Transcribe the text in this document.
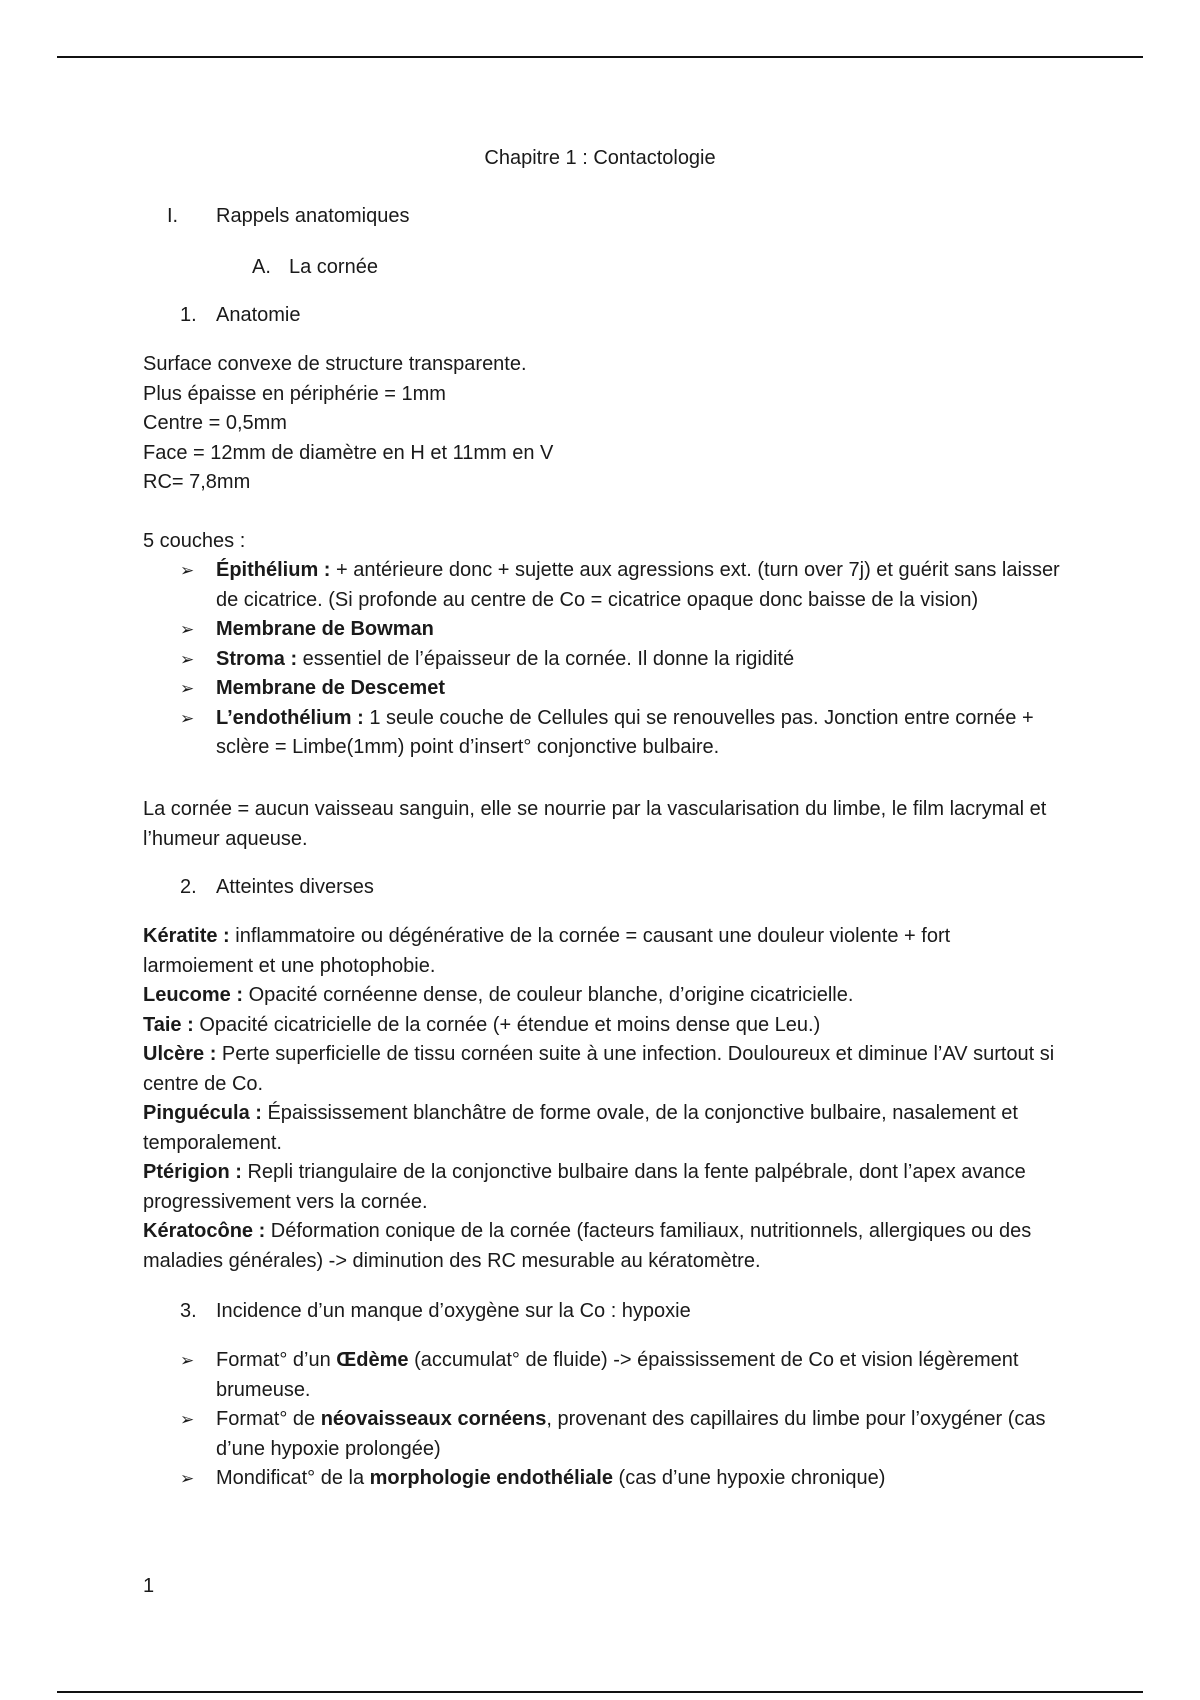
Chapitre 1 : Contactologie
I. Rappels anatomiques
A. La cornée
1. Anatomie

Surface convexe de structure transparente.

Plus épaisse en périphérie = 1mm

Centre = 0,5mm

Face = 12mm de diamètre en H et 11mm en V

RC= 7,8mm

5 couches :
➢ Épithélium : + antérieure donc + sujette aux agressions ext. (turn over 7j) et guérit sans laisser de cicatrice. (Si profonde au centre de Co = cicatrice opaque donc baisse de la vision)
➢ Membrane de Bowman
➢ Stroma : essentiel de l’épaisseur de la cornée. Il donne la rigidité
➢ Membrane de Descemet
➢ L’endothélium : 1 seule couche de Cellules qui se renouvelles pas. Jonction entre cornée + sclère = Limbe(1mm) point d’insert° conjonctive bulbaire.
La cornée = aucun vaisseau sanguin, elle se nourrie par la vascularisation du limbe, le film lacrymal et l’humeur aqueuse.
2. Atteintes diverses

Kératite : inflammatoire ou dégénérative de la cornée = causant une douleur violente + fort larmoiement et une photophobie.

Leucome : Opacité cornéenne dense, de couleur blanche, d’origine cicatricielle.

Taie : Opacité cicatricielle de la cornée (+ étendue et moins dense que Leu.)

Ulcère : Perte superficielle de tissu cornéen suite à une infection. Douloureux et diminue l’AV surtout si centre de Co.

Pinguécula : Épaississement blanchâtre de forme ovale, de la conjonctive bulbaire, nasalement et temporalement.

Ptérigion : Repli triangulaire de la conjonctive bulbaire dans la fente palpébrale, dont l’apex avance progressivement vers la cornée.

Kératocône : Déformation conique de la cornée (facteurs familiaux, nutritionnels, allergiques ou des maladies générales) -> diminution des RC mesurable au kératomètre.

3. Incidence d’un manque d’oxygène sur la Co : hypoxie
➢ Format° d’un Œdème (accumulat° de fluide) -> épaississement de Co et vision légèrement brumeuse.
➢ Format° de néovaisseaux cornéens, provenant des capillaires du limbe pour l’oxygéner (cas d’une hypoxie prolongée)
➢ Mondificat° de la morphologie endothéliale (cas d’une hypoxie chronique)
1
